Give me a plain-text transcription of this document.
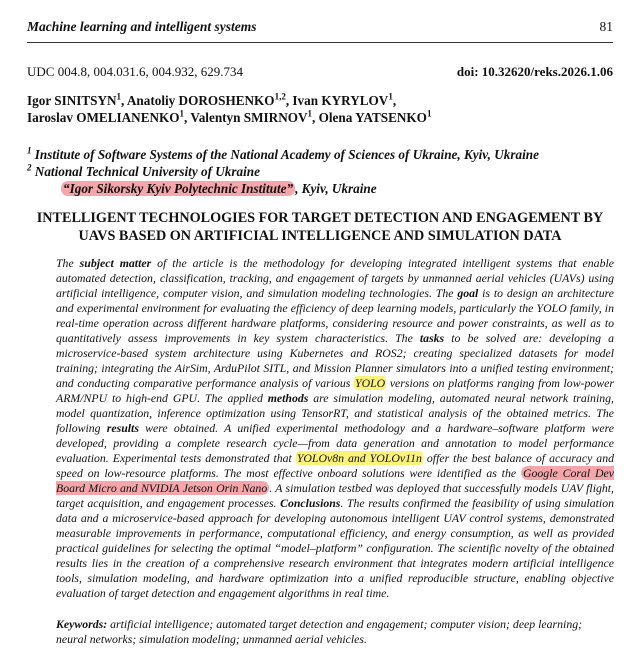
Machine learning and intelligent systems	81
UDC 004.8, 004.031.6, 004.932, 629.734	doi: 10.32620/reks.2026.1.06
Igor SINITSYN$^1$, Anatoliy DOROSHENKO$^{1,2}$, Ivan KYRYLOV$^1$,
Iaroslav OMELIANENKO$^1$, Valentyn SMIRNOV$^1$, Olena YATSENKO$^1$
$^1$ Institute of Software Systems of the National Academy of Sciences of Ukraine, Kyiv, Ukraine
$^2$ National Technical University of Ukraine
“Igor Sikorsky Kyiv Polytechnic Institute” , Kyiv, Ukraine
INTELLIGENT TECHNOLOGIES FOR TARGET DETECTION AND ENGAGEMENT BY UAVS BASED ON ARTIFICIAL INTELLIGENCE AND SIMULATION DATA
The subject matter of the article is the methodology for developing integrated intelligent systems that enable automated detection, classification, tracking, and engagement of targets by unmanned aerial vehicles (UAVs) using artificial intelligence, computer vision, and simulation modeling technologies. The goal is to design an architecture and experimental environment for evaluating the efficiency of deep learning models, particularly the YOLO family, in real-time operation across different hardware platforms, considering resource and power constraints, as well as to quantitatively assess improvements in key system characteristics. The tasks to be solved are: developing a microservice-based system architecture using Kubernetes and ROS2; creating specialized datasets for model training; integrating the AirSim, ArduPilot SITL, and Mission Planner simulators into a unified testing environment; and conducting comparative performance analysis of various YOLO versions on platforms ranging from low-power ARM/NPU to high-end GPU. The applied methods are simulation modeling, automated neural network training, model quantization, inference optimization using TensorRT, and statistical analysis of the obtained metrics. The following results were obtained. A unified experimental methodology and a hardware–software platform were developed, providing a complete research cycle—from data generation and annotation to model performance evaluation. Experimental tests demonstrated that YOLOv8n and YOLOv11n offer the best balance of accuracy and speed on low-resource platforms. The most effective onboard solutions were identified as the Google Coral Dev Board Micro and NVIDIA Jetson Orin Nano . A simulation testbed was deployed that successfully models UAV flight, target acquisition, and engagement processes. Conclusions. The results confirmed the feasibility of using simulation data and a microservice-based approach for developing autonomous intelligent UAV control systems, demonstrated measurable improvements in performance, computational efficiency, and energy consumption, as well as provided practical guidelines for selecting the optimal “model–platform” configuration. The scientific novelty of the obtained results lies in the creation of a comprehensive research environment that integrates modern artificial intelligence tools, simulation modeling, and hardware optimization into a unified reproducible structure, enabling objective evaluation of target detection and engagement algorithms in real time.
Keywords: artificial intelligence; automated target detection and engagement; computer vision; deep learning; neural networks; simulation modeling; unmanned aerial vehicles.
